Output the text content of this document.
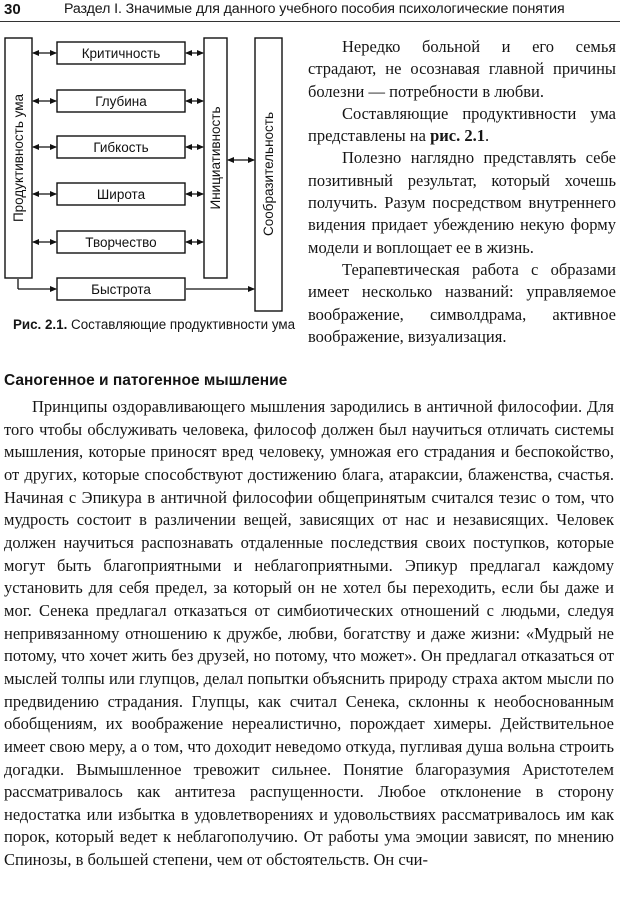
30	Раздел I. Значимые для данного учебного пособия психологические понятия
Критичность
Глубина
Гибкость
Широта
Творчество
Быстрота
Продуктивность ума	Инициативность	Сообразительность
Рис. 2.1. Составляющие продуктивности ума

Нередко больной и его семья страдают, не осознавая главной причины болезни — потребности в любви.

Составляющие продуктивности ума представлены на рис. 2.1.

Полезно наглядно представлять себе позитивный результат, который хочешь получить. Разум посредством внутреннего видения придает убеждению некую форму модели и воплощает ее в жизнь.

Терапевтическая работа с образами имеет несколько названий: управляемое воображение, символдрама, активное воображение, визуализация.

Саногенное и патогенное мышление

Принципы оздоравливающего мышления зародились в античной философии. Для того чтобы обслуживать человека, философ должен был научиться отличать системы мышления, которые приносят вред человеку, умножая его страдания и беспокойство, от других, которые способствуют достижению блага, атараксии, блаженства, счастья. Начиная с Эпикура в античной философии общепринятым считался тезис о том, что мудрость состоит в различении вещей, зависящих от нас и независящих. Человек должен научиться распознавать отдаленные последствия своих поступков, которые могут быть благоприятными и неблагоприятными. Эпикур предлагал каждому установить для себя предел, за который он не хотел бы переходить, если бы даже и мог. Сенека предлагал отказаться от симбиотических отношений с людьми, следуя непривязанному отношению к дружбе, любви, богатству и даже жизни: «Мудрый не потому, что хочет жить без друзей, но потому, что может». Он предлагал отказаться от мыслей толпы или глупцов, делал попытки объяснить природу страха актом мысли по предвидению страдания. Глупцы, как считал Сенека, склонны к необоснованным обобщениям, их воображение нереалистично, порождает химеры. Действительное имеет свою меру, а о том, что доходит неведомо откуда, пугливая душа вольна строить догадки. Вымышленное тревожит сильнее. Понятие благоразумия Аристотелем рассматривалось как антитеза распущенности. Любое отклонение в сторону недостатка или избытка в удовлетворениях и удовольствиях рассматривалось им как порок, который ведет к неблагополучию. От работы ума эмоции зависят, по мнению Спинозы, в большей степени, чем от обстоятельств. Он счи-
